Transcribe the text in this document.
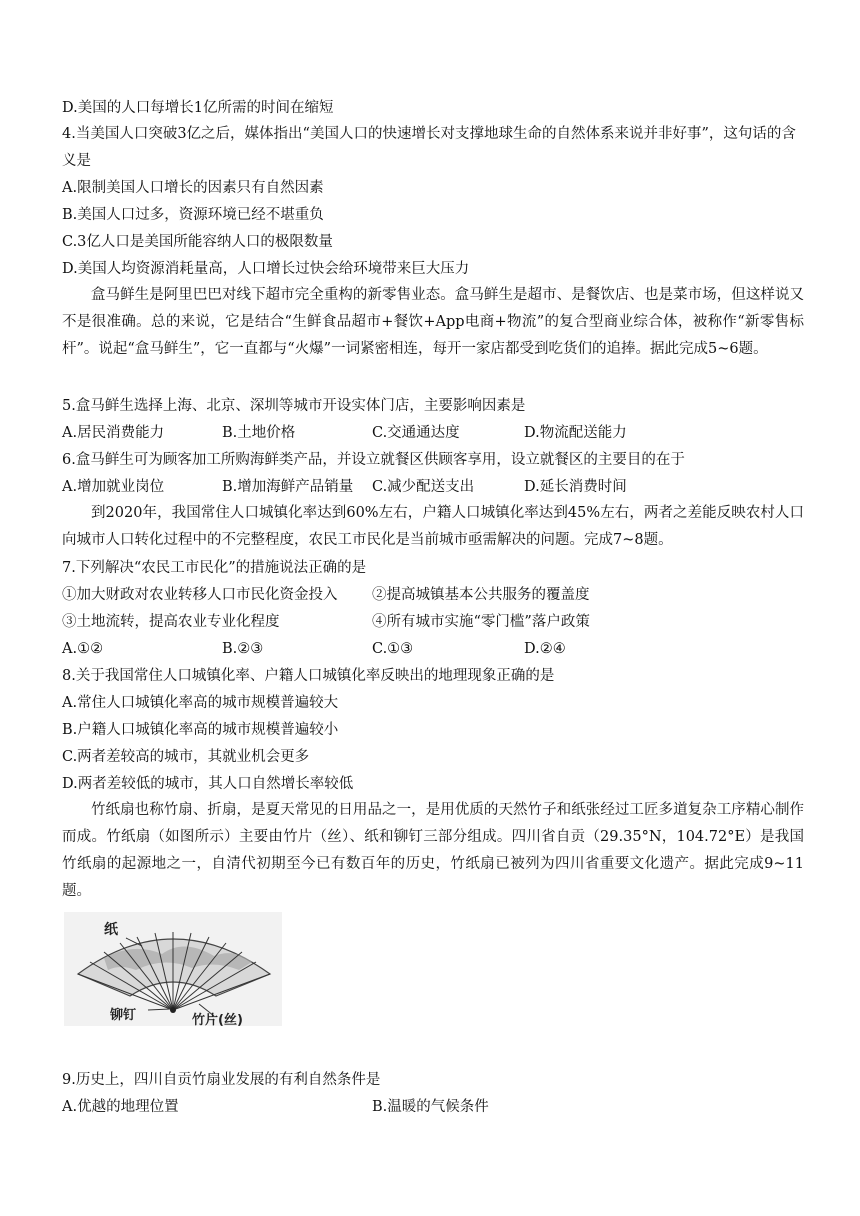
D.美国的人口每增长1亿所需的时间在缩短
4.当美国人口突破3亿之后，媒体指出“美国人口的快速增长对支撑地球生命的自然体系来说并非好事”，这句话的含义是
A.限制美国人口增长的因素只有自然因素
B.美国人口过多，资源环境已经不堪重负
C.3亿人口是美国所能容纳人口的极限数量
D.美国人均资源消耗量高，人口增长过快会给环境带来巨大压力
盒马鲜生是阿里巴巴对线下超市完全重构的新零售业态。盒马鲜生是超市、是餐饮店、也是菜市场，但这样说又不是很准确。总的来说，它是结合“生鲜食品超市+餐饮+App电商+物流”的复合型商业综合体，被称作“新零售标杆”。说起“盒马鲜生”，它一直都与“火爆”一词紧密相连，每开一家店都受到吃货们的追捧。据此完成5~6题。
5.盒马鲜生选择上海、北京、深圳等城市开设实体门店，主要影响因素是
A.居民消费能力	B.土地价格	C.交通通达度	D.物流配送能力
6.盒马鲜生可为顾客加工所购海鲜类产品，并设立就餐区供顾客享用，设立就餐区的主要目的在于
A.增加就业岗位	B.增加海鲜产品销量 C.减少配送支出	D.延长消费时间
到2020年，我国常住人口城镇化率达到60%左右，户籍人口城镇化率达到45%左右，两者之差能反映农村人口向城市人口转化过程中的不完整程度，农民工市民化是当前城市亟需解决的问题。完成7~8题。
7.下列解决“农民工市民化”的措施说法正确的是
①加大财政对农业转移人口市民化资金投入 ②提高城镇基本公共服务的覆盖度
③土地流转，提高农业专业化程度	④所有城市实施“零门槛”落户政策
A.①②	B.②③	C.①③	D.②④
8.关于我国常住人口城镇化率、户籍人口城镇化率反映出的地理现象正确的是
A.常住人口城镇化率高的城市规模普遍较大
B.户籍人口城镇化率高的城市规模普遍较小
C.两者差较高的城市，其就业机会更多
D.两者差较低的城市，其人口自然增长率较低
竹纸扇也称竹扇、折扇，是夏天常见的日用品之一，是用优质的天然竹子和纸张经过工匠多道复杂工序精心制作而成。竹纸扇（如图所示）主要由竹片（丝）、纸和铆钉三部分组成。四川省自贡（29.35°N，104.72°E）是我国竹纸扇的起源地之一，自清代初期至今已有数百年的历史，竹纸扇已被列为四川省重要文化遗产。据此完成9~11题。
纸
铆钉	竹片(丝)
9.历史上，四川自贡竹扇业发展的有利自然条件是
A.优越的地理位置	B.温暖的气候条件
